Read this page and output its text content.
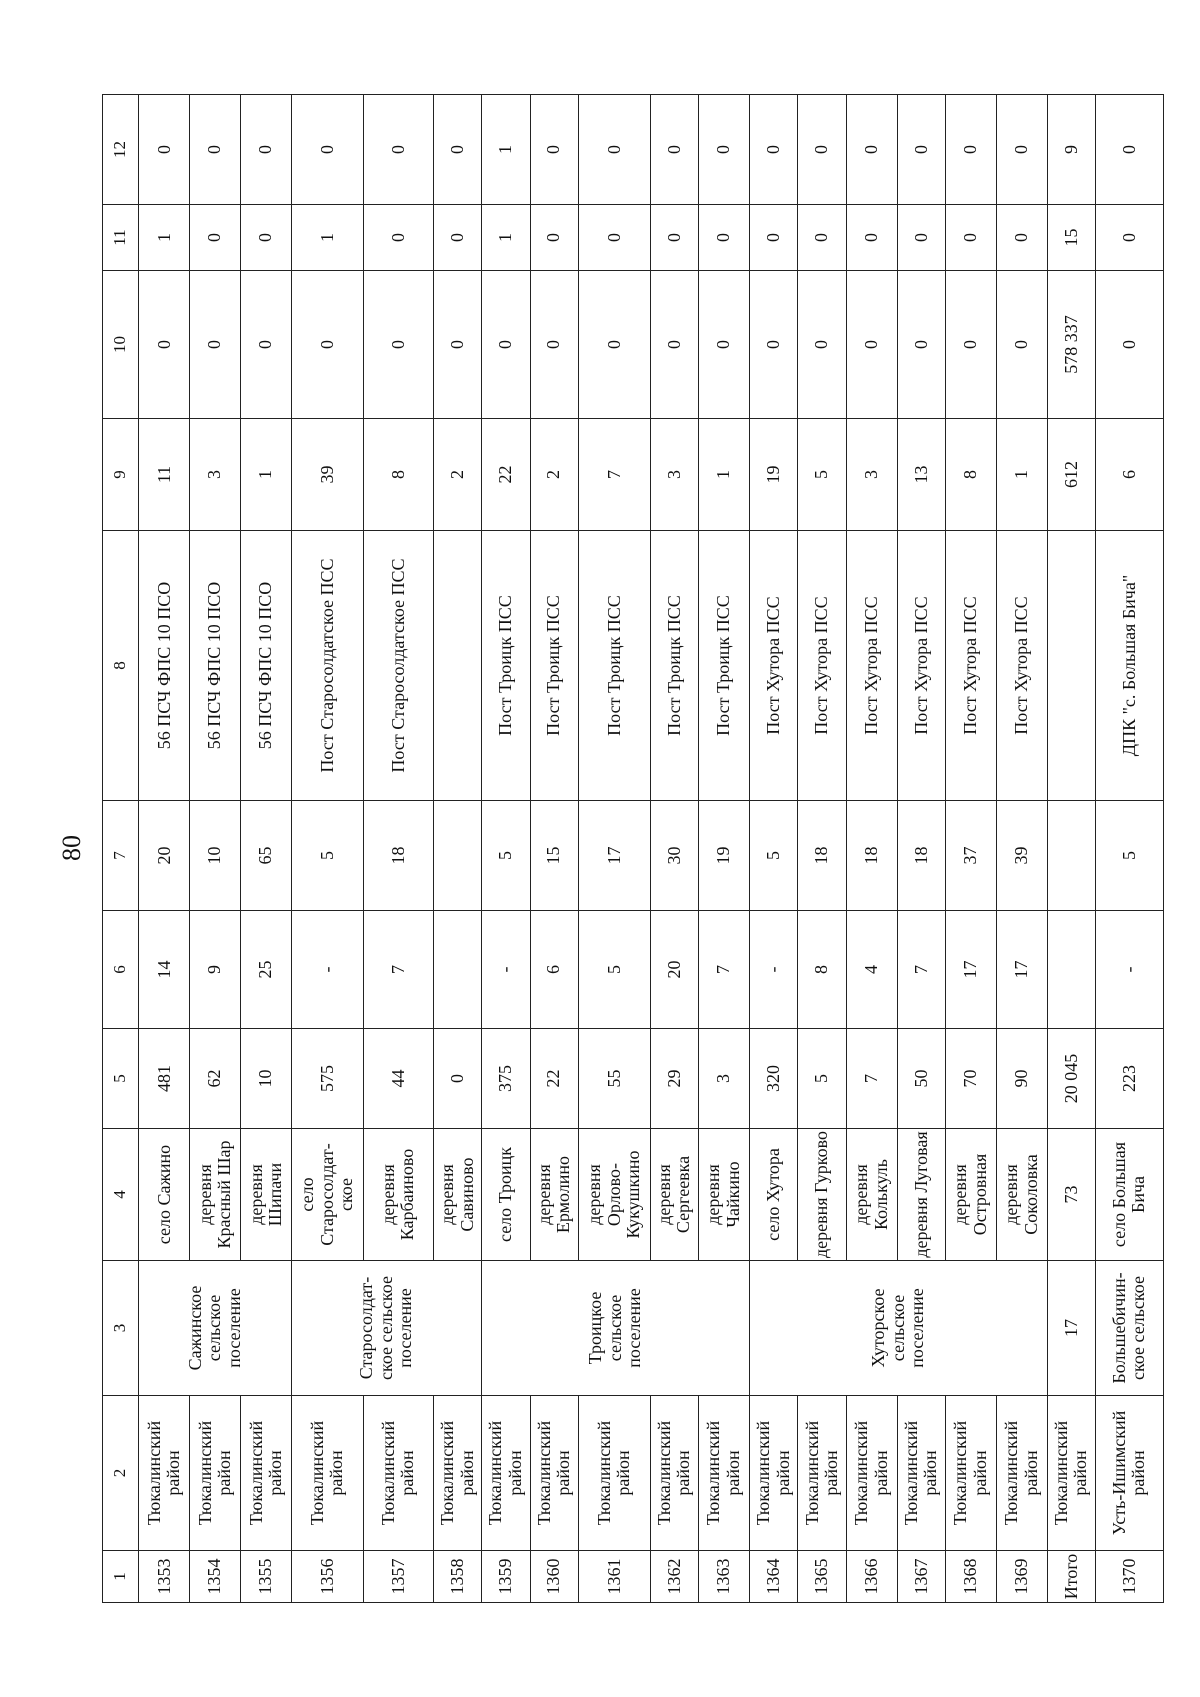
80
1	2	3	4	5	6	7	8	9	10	11	12
1353	Тюкалинский район	Сажинское сельское поселение	село Сажино	481	14	20	56 ПСЧ ФПС 10 ПСО	11	0	1	0
1354	Тюкалинский район		деревня Красный Шар	62	9	10	56 ПСЧ ФПС 10 ПСО	3	0	0	0
1355	Тюкалинский район		деревня Шипачи	10	25	65	56 ПСЧ ФПС 10 ПСО	1	0	0	0
1356	Тюкалинский район	Старосолдат-ское сельское поселение	село Старосолдат-ское	575	-	5	Пост Старосолдатское ПСС	39	0	1	0
1357	Тюкалинский район		деревня Карбаиново	44	7	18	Пост Старосолдатское ПСС	8	0	0	0
1358	Тюкалинский район		деревня Савиново	0				2	0	0	0
1359	Тюкалинский район	Троицкое сельское поселение	село Троицк	375	-	5	Пост Троицк ПСС	22	0	1	1
1360	Тюкалинский район		деревня Ермолино	22	6	15	Пост Троицк ПСС	2	0	0	0
1361	Тюкалинский район		деревня Орлово-Кукушкино	55	5	17	Пост Троицк ПСС	7	0	0	0
1362	Тюкалинский район		деревня Сергеевка	29	20	30	Пост Троицк ПСС	3	0	0	0
1363	Тюкалинский район		деревня Чайкино	3	7	19	Пост Троицк ПСС	1	0	0	0
1364	Тюкалинский район	Хуторское сельское поселение	село Хутора	320	-	5	Пост Хутора ПСС	19	0	0	0
1365	Тюкалинский район		деревня Гурково	5	8	18	Пост Хутора ПСС	5	0	0	0
1366	Тюкалинский район		деревня Колькуль	7	4	18	Пост Хутора ПСС	3	0	0	0
1367	Тюкалинский район		деревня Луговая	50	7	18	Пост Хутора ПСС	13	0	0	0
1368	Тюкалинский район		деревня Островная	70	17	37	Пост Хутора ПСС	8	0	0	0
1369	Тюкалинский район		деревня Соколовка	90	17	39	Пост Хутора ПСС	1	0	0	0
Итого	Тюкалинский район	17	73	20 045				612	578 337	15	9
1370	Усть-Ишимский район	Большебичин-ское сельское	село Большая Бича	223	-	5	ДПК "с. Большая Бича"	6	0	0	0
